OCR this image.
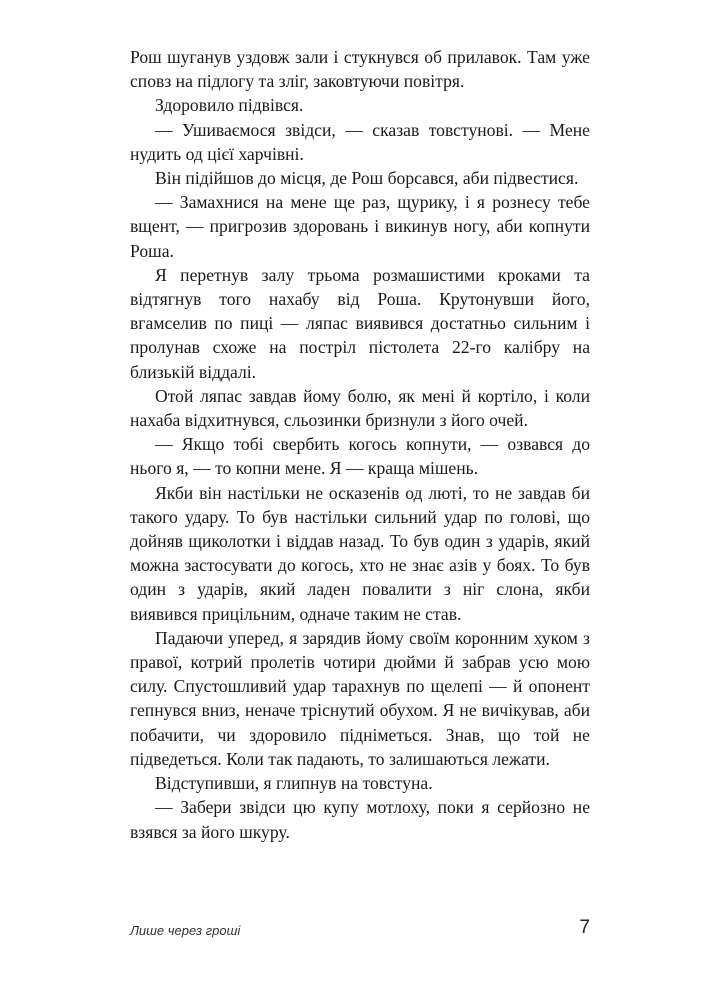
Рош шуганув уздовж зали і стукнувся об прилавок. Там уже сповз на підлогу та зліг, заковтуючи повітря.

Здоровило підвівся.

— Ушиваємося звідси, — сказав товстунові. — Мене нудить од цієї харчівні.

Він підійшов до місця, де Рош борсався, аби підвестися.

— Замахнися на мене ще раз, щурику, і я рознесу тебе вщент, — пригрозив здоровань і викинув ногу, аби копнути Роша.

Я перетнув залу трьома розмашистими кроками та відтягнув того нахабу від Роша. Крутонувши його, вгамселив по пиці — ляпас виявився достатньо сильним і пролунав схоже на постріл пістолета 22-го калібру на близькій віддалі.

Отой ляпас завдав йому болю, як мені й кортіло, і коли нахаба відхитнувся, сльозинки бризнули з його очей.

— Якщо тобі свербить когось копнути, — озвався до нього я, — то копни мене. Я — краща мішень.

Якби він настільки не осказенів од люті, то не завдав би такого удару. То був настільки сильний удар по голові, що дойняв щиколотки і віддав назад. То був один з ударів, який можна застосувати до когось, хто не знає азів у боях. То був один з ударів, який ладен повалити з ніг слона, якби виявився прицільним, одначе таким не став.

Падаючи уперед, я зарядив йому своїм коронним хуком з правої, котрий пролетів чотири дюйми й забрав усю мою силу. Спустошливий удар тарахнув по щелепі — й опонент гепнувся вниз, неначе тріснутий обухом. Я не вичікував, аби побачити, чи здоровило підніметься. Знав, що той не підведеться. Коли так падають, то залишаються лежати.

Відступивши, я глипнув на товстуна.

— Забери звідси цю купу мотлоху, поки я серйозно не взявся за його шкуру.

Лише через гроші	7
